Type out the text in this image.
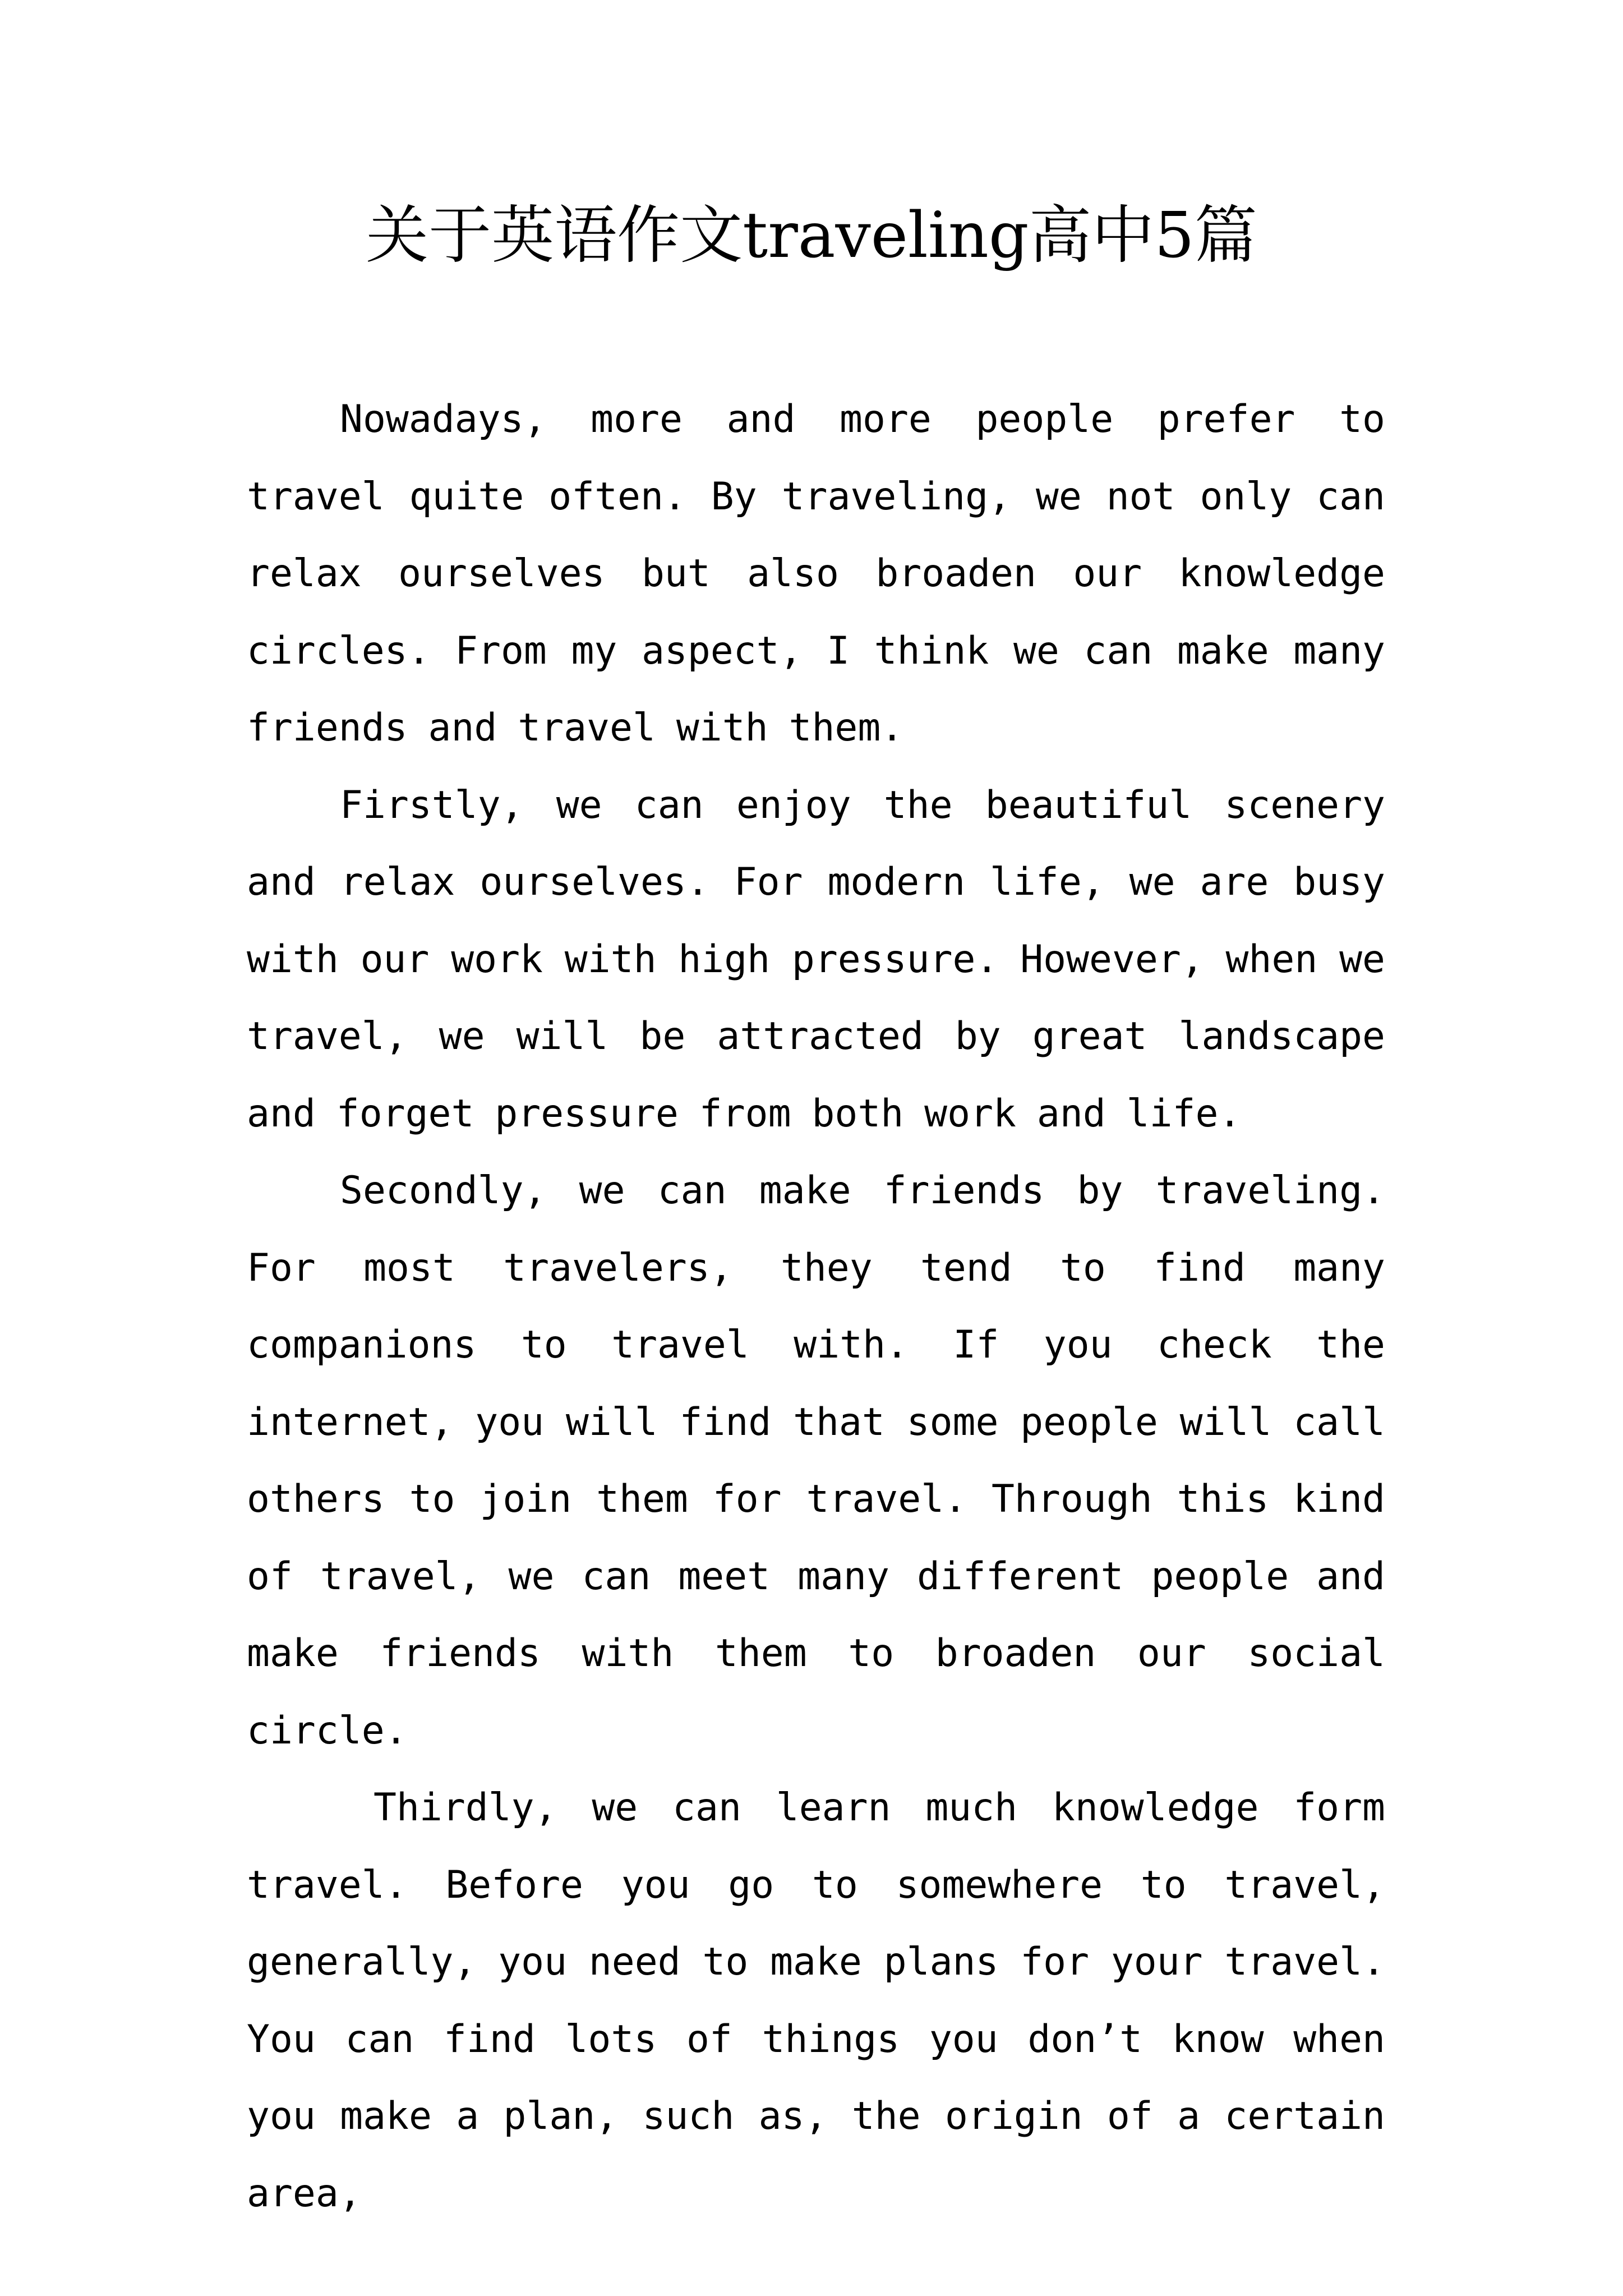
关于英语作文traveling高中5篇

Nowadays, more and more people prefer to travel quite often. By traveling, we not only can relax ourselves but also broaden our knowledge circles. From my aspect, I think we can make many friends and travel with them.

Firstly, we can enjoy the beautiful scenery and relax ourselves. For modern life, we are busy with our work with high pressure. However, when we travel, we will be attracted by great landscape and forget pressure from both work and life.

Secondly, we can make friends by traveling. For most travelers, they tend to find many companions to travel with. If you check the internet, you will find that some people will call others to join them for travel. Through this kind of travel, we can meet many different people and make friends with them to broaden our social circle.

Thirdly, we can learn much knowledge form travel. Before you go to somewhere to travel, generally, you need to make plans for your travel. You can find lots of things you don’t know when you make a plan, such as, the origin of a certain area,
